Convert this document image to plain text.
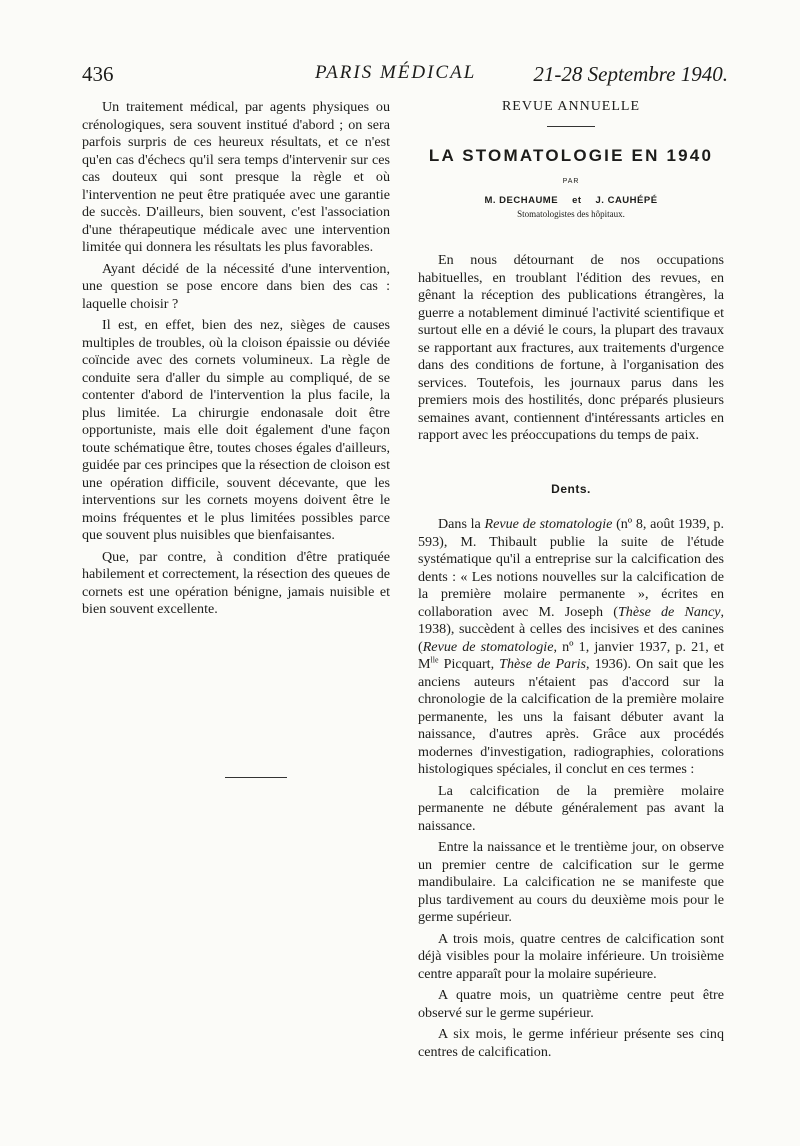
436	PARIS MÉDICAL	21-28 Septembre 1940.

Un traitement médical, par agents physiques ou crénologiques, sera souvent institué d'abord ; on sera parfois surpris de ces heureux résultats, et ce n'est qu'en cas d'échecs qu'il sera temps d'intervenir sur ces cas douteux qui sont presque la règle et où l'intervention ne peut être pratiquée avec une garantie de succès. D'ailleurs, bien souvent, c'est l'association d'une thérapeutique médicale avec une intervention limitée qui donnera les résultats les plus favorables.

Ayant décidé de la nécessité d'une intervention, une question se pose encore dans bien des cas : laquelle choisir ?

Il est, en effet, bien des nez, sièges de causes multiples de troubles, où la cloison épaissie ou déviée coïncide avec des cornets volumineux. La règle de conduite sera d'aller du simple au compliqué, de se contenter d'abord de l'intervention la plus facile, la plus limitée. La chirurgie endonasale doit être opportuniste, mais elle doit également d'une façon toute schématique être, toutes choses égales d'ailleurs, guidée par ces principes que la résection de cloison est une opération difficile, souvent décevante, que les interventions sur les cornets moyens doivent être le moins fréquentes et le plus limitées possibles parce que souvent plus nuisibles que bienfaisantes.

Que, par contre, à condition d'être pratiquée habilement et correctement, la résection des queues de cornets est une opération bénigne, jamais nuisible et bien souvent excellente.

REVUE ANNUELLE
LA STOMATOLOGIE EN 1940
PAR
M. DECHAUME et J. CAUHÉPÉ
Stomatologistes des hôpitaux.

En nous détournant de nos occupations habituelles, en troublant l'édition des revues, en gênant la réception des publications étrangères, la guerre a notablement diminué l'activité scientifique et surtout elle en a dévié le cours, la plupart des travaux se rapportant aux fractures, aux traitements d'urgence dans des conditions de fortune, à l'organisation des services. Toutefois, les journaux parus dans les premiers mois des hostilités, donc préparés plusieurs semaines avant, contiennent d'intéressants articles en rapport avec les préoccupations du temps de paix.

Dents.

Dans la Revue de stomatologie (nº 8, août 1939, p. 593), M. Thibault publie la suite de l'étude systématique qu'il a entreprise sur la calcification des dents : « Les notions nouvelles sur la calcification de la première molaire permanente », écrites en collaboration avec M. Joseph (Thèse de Nancy, 1938), succèdent à celles des incisives et des canines (Revue de stomatologie, nº 1, janvier 1937, p. 21, et $M^{lle}$ Picquart, Thèse de Paris, 1936). On sait que les anciens auteurs n'étaient pas d'accord sur la chronologie de la calcification de la première molaire permanente, les uns la faisant débuter avant la naissance, d'autres après. Grâce aux procédés modernes d'investigation, radiographies, colorations histologiques spéciales, il conclut en ces termes :

La calcification de la première molaire permanente ne débute généralement pas avant la naissance.

Entre la naissance et le trentième jour, on observe un premier centre de calcification sur le germe mandibulaire. La calcification ne se manifeste que plus tardivement au cours du deuxième mois pour le germe supérieur.

A trois mois, quatre centres de calcification sont déjà visibles pour la molaire inférieure. Un troisième centre apparaît pour la molaire supérieure.

A quatre mois, un quatrième centre peut être observé sur le germe supérieur.

A six mois, le germe inférieur présente ses cinq centres de calcification.
